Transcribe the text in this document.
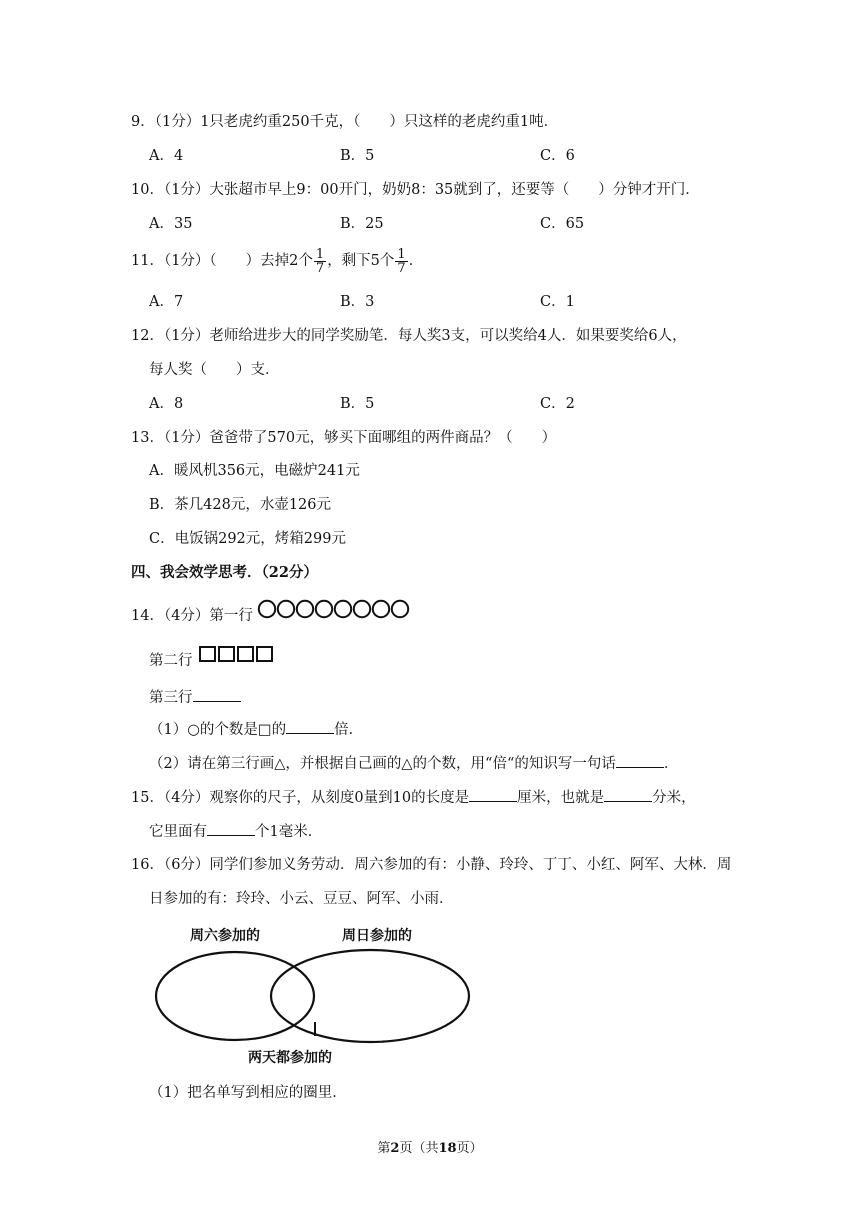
9．（1分）1只老虎约重250千克，（　　）只这样的老虎约重1吨．
A．4	B．5	C．6
10．（1分）大张超市早上9：00开门，奶奶8：35就到了，还要等（　　）分钟才开门．
A．35	B．25	C．65
11．（1分）（　　）去掉2个 $\frac{1}{7}$ ，剩下5个 $\frac{1}{7}$ ．
A．7	B．3	C．1
12．（1分）老师给进步大的同学奖励笔．每人奖3支，可以奖给4人．如果要奖给6人，
每人奖（　　）支．
A．8	B．5	C．2
13．（1分）爸爸带了570元，够买下面哪组的两件商品？（　　）
A．暖风机356元，电磁炉241元
B．茶几428元，水壶126元
C．电饭锅292元，烤箱299元
四、我会效学思考．（22分）
14．（4分）第一行
第二行
第三行
（1）○的个数是□的	倍．
（2）请在第三行画△，并根据自己画的△的个数，用“倍“的知识写一句话	．
15．（4分）观察你的尺子，从刻度0量到10的长度是	厘米，也就是	分米，
它里面有	个1毫米．
16．（6分）同学们参加义务劳动．周六参加的有：小静、玲玲、丁丁、小红、阿军、大林．周
日参加的有：玲玲、小云、豆豆、阿军、小雨．
周六参加的	周日参加的
两天都参加的
（1）把名单写到相应的圈里．
第2页（共18页）
